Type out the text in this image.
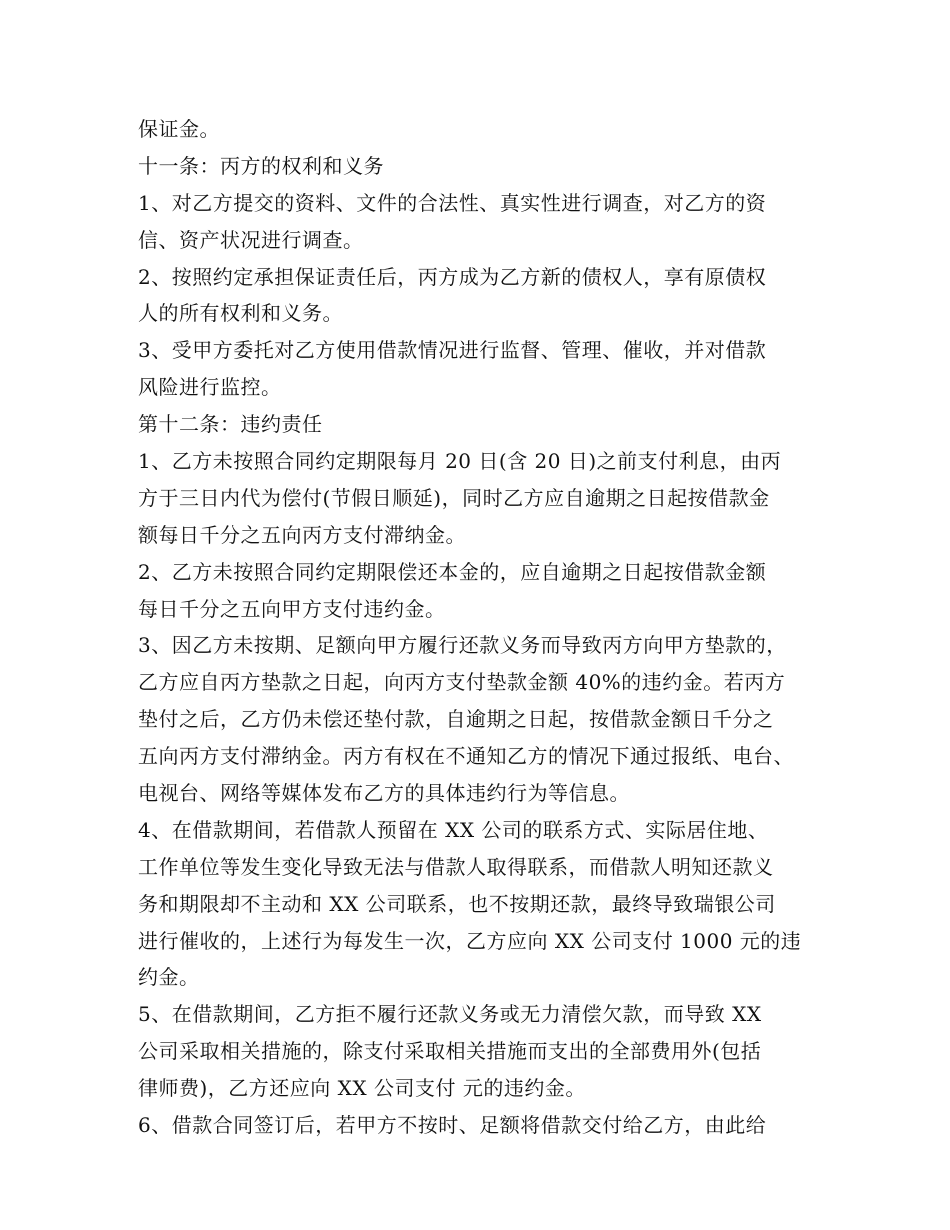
保证金。
十一条：丙方的权利和义务
1、对乙方提交的资料、文件的合法性、真实性进行调查，对乙方的资
信、资产状况进行调查。
2、按照约定承担保证责任后，丙方成为乙方新的债权人，享有原债权
人的所有权利和义务。
3、受甲方委托对乙方使用借款情况进行监督、管理、催收，并对借款
风险进行监控。
第十二条：违约责任
1、乙方未按照合同约定期限每月 20 日(含 20 日)之前支付利息，由丙
方于三日内代为偿付(节假日顺延)，同时乙方应自逾期之日起按借款金
额每日千分之五向丙方支付滞纳金。
2、乙方未按照合同约定期限偿还本金的，应自逾期之日起按借款金额
每日千分之五向甲方支付违约金。
3、因乙方未按期、足额向甲方履行还款义务而导致丙方向甲方垫款的，
乙方应自丙方垫款之日起，向丙方支付垫款金额 40%的违约金。若丙方
垫付之后，乙方仍未偿还垫付款，自逾期之日起，按借款金额日千分之
五向丙方支付滞纳金。丙方有权在不通知乙方的情况下通过报纸、电台、
电视台、网络等媒体发布乙方的具体违约行为等信息。
4、在借款期间，若借款人预留在 XX 公司的联系方式、实际居住地、
工作单位等发生变化导致无法与借款人取得联系，而借款人明知还款义
务和期限却不主动和 XX 公司联系，也不按期还款，最终导致瑞银公司
进行催收的，上述行为每发生一次，乙方应向 XX 公司支付 1000 元的违
约金。
5、在借款期间，乙方拒不履行还款义务或无力清偿欠款，而导致 XX
公司采取相关措施的，除支付采取相关措施而支出的全部费用外(包括
律师费)，乙方还应向 XX 公司支付 元的违约金。
6、借款合同签订后，若甲方不按时、足额将借款交付给乙方，由此给
